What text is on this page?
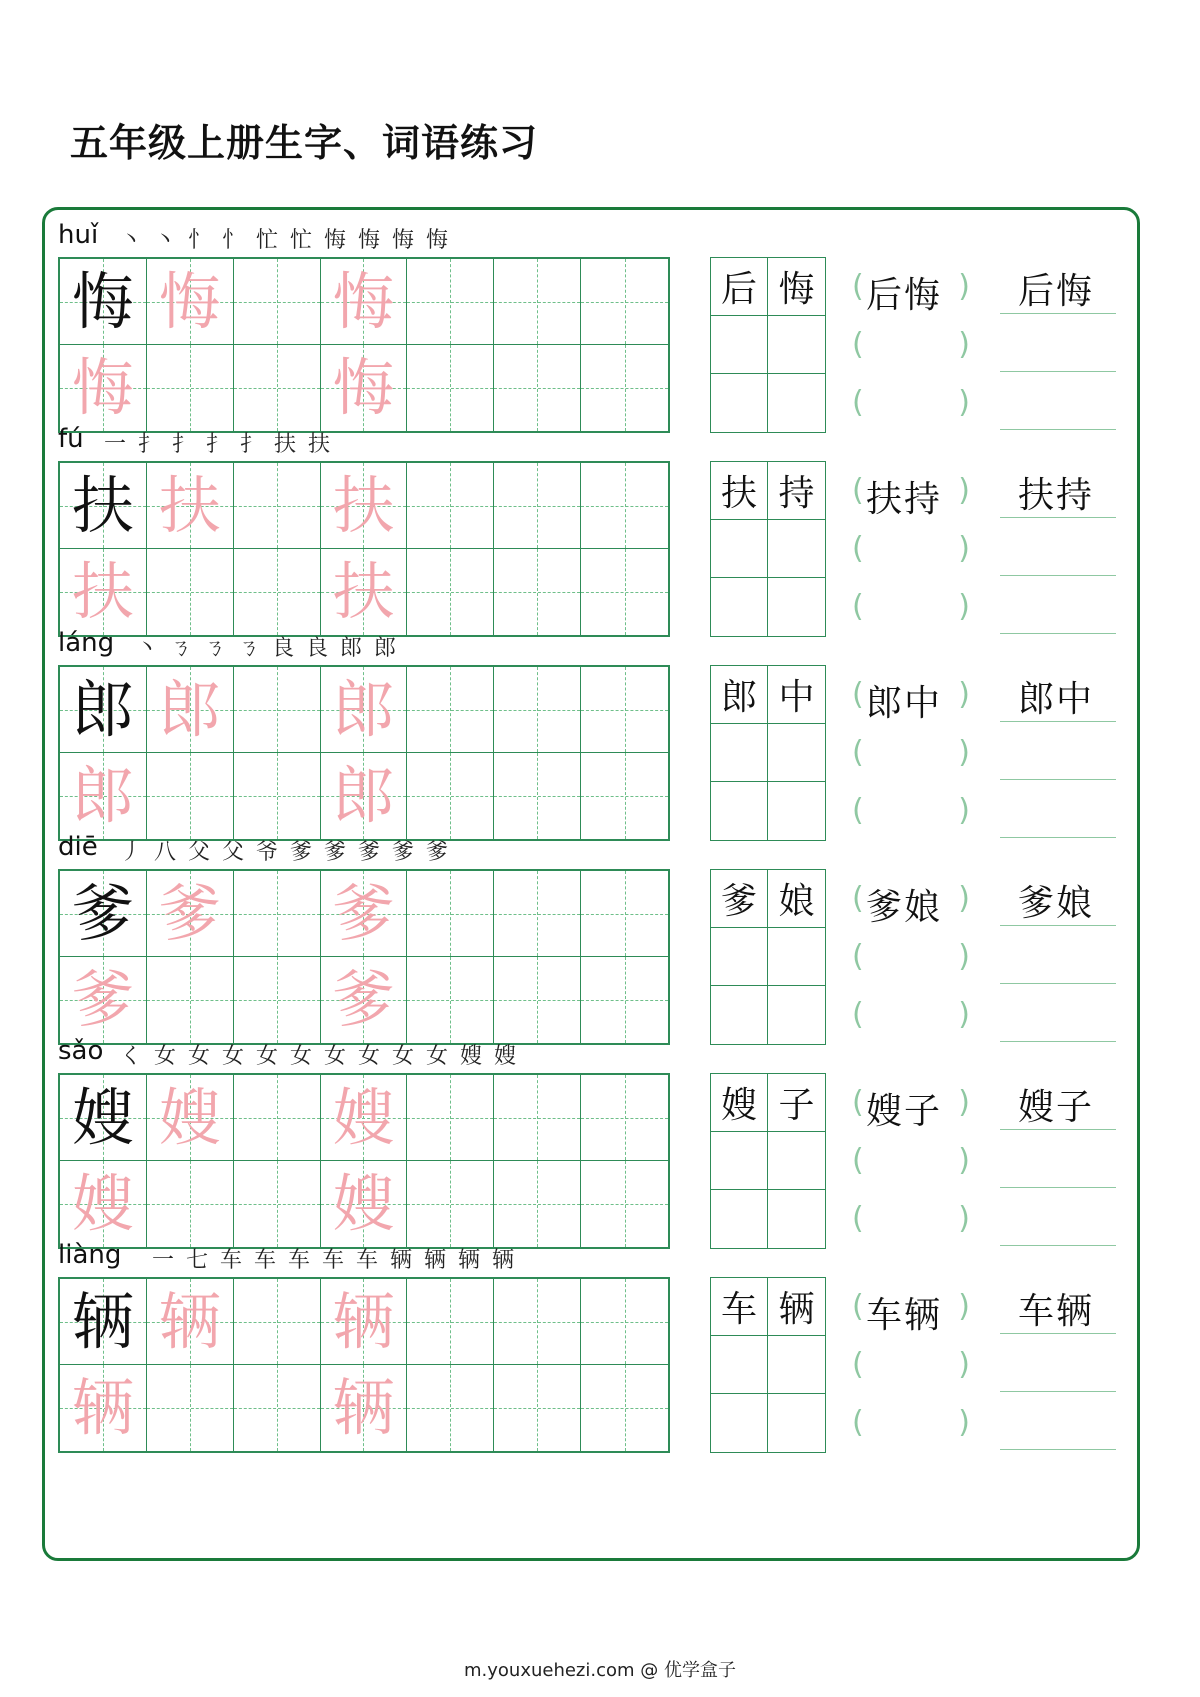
五年级上册生字、词语练习
huǐ 丶 丶 忄 忄 忙 忙 悔 悔 悔 悔
悔 悔 悔
悔	悔
后 悔 (	)
后悔
(	)
(	)
后悔
fú 一 扌 扌 扌 扌 扶 扶
扶 扶 扶
扶	扶
扶 持 (	)
扶持
(	)
(	)
扶持
láng 丶 ㄋ ㄋ ㄋ 良 良 郎 郎
郎 郎 郎
郎	郎
郎 中 (	)
郎中
(	)
(	)
郎中
diē 丿 八 父 父 爷 爹 爹 爹 爹 爹
爹 爹 爹
爹	爹
爹 娘 (	)
爹娘
(	)
(	)
爹娘
sǎo く 女 女 女 女 女 女 女 女 女 嫂 嫂
嫂 嫂 嫂
嫂	嫂
嫂 子 (	)
嫂子
(	)
(	)
嫂子
liàng 一 七 车 车 车 车 车 辆 辆 辆 辆
辆 辆 辆
辆	辆
车 辆 (	)
车辆
(	)
(	)
车辆
m.youxuehezi.com @ 优学盒子
